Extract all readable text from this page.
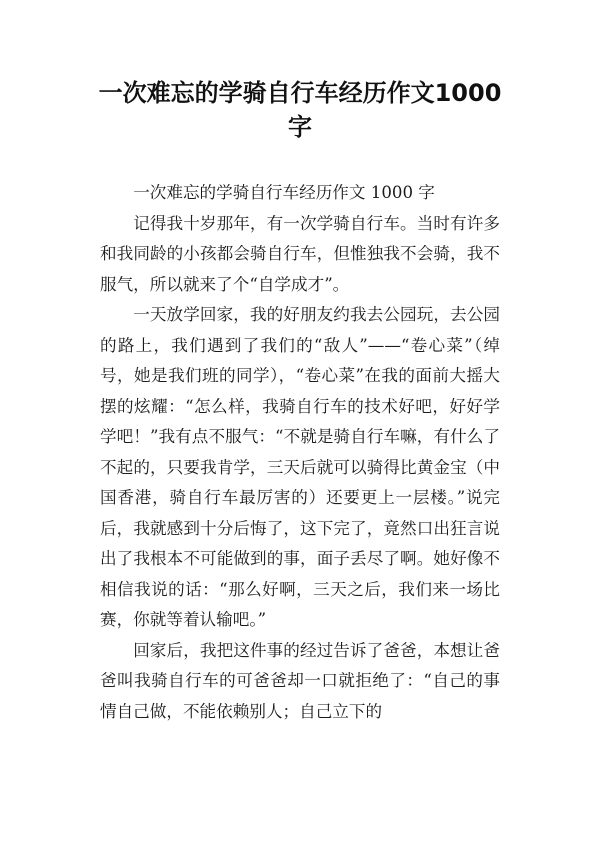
一次难忘的学骑自行车经历作文1000字

一次难忘的学骑自行车经历作文 1000 字

记得我十岁那年，有一次学骑自行车。当时有许多和我同龄的小孩都会骑自行车，但惟独我不会骑，我不服气，所以就来了个“自学成才”。

一天放学回家，我的好朋友约我去公园玩，去公园的路上，我们遇到了我们的“敌人”——“卷心菜”（绰号，她是我们班的同学），“卷心菜”在我的面前大摇大摆的炫耀：“怎么样，我骑自行车的技术好吧，好好学学吧！”我有点不服气：“不就是骑自行车嘛，有什么了不起的，只要我肯学，三天后就可以骑得比黄金宝（中国香港，骑自行车最厉害的）还要更上一层楼。”说完后，我就感到十分后悔了，这下完了，竟然口出狂言说出了我根本不可能做到的事，面子丢尽了啊。她好像不相信我说的话：“那么好啊，三天之后，我们来一场比赛，你就等着认输吧。”

回家后，我把这件事的经过告诉了爸爸，本想让爸爸叫我骑自行车的可爸爸却一口就拒绝了：“自己的事情自己做，不能依赖别人；自己立下的
